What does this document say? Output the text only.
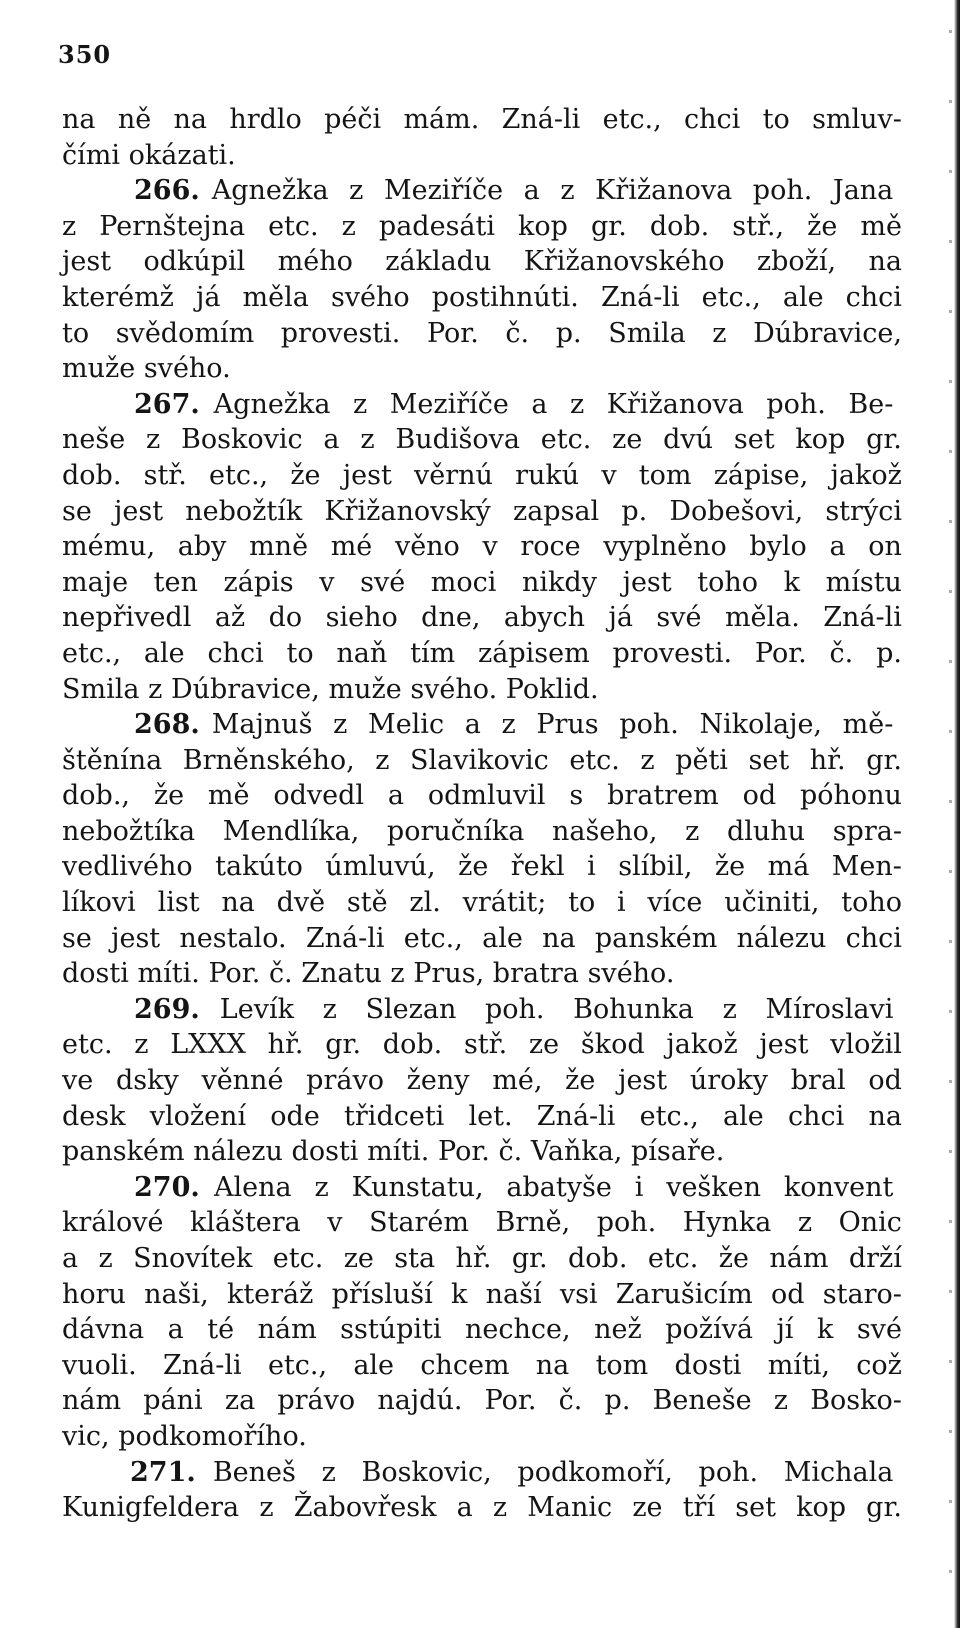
350
na ně na hrdlo péči mám. Zná-li etc., chci to smluv-
čími okázati.
266. Agnežka z Meziříče a z Křižanova poh. Jana
z Pernštejna etc. z padesáti kop gr. dob. stř., že mě
jest odkúpil mého základu Křižanovského zboží, na
kterémž já měla svého postihnúti. Zná-li etc., ale chci
to svědomím provesti. Por. č. p. Smila z Dúbravice,
muže svého.
267. Agnežka z Meziříče a z Křižanova poh. Be-
neše z Boskovic a z Budišova etc. ze dvú set kop gr.
dob. stř. etc., že jest věrnú rukú v tom zápise, jakož
se jest nebožtík Křižanovský zapsal p. Dobešovi, strýci
mému, aby mně mé věno v roce vyplněno bylo a on
maje ten zápis v své moci nikdy jest toho k místu
nepřivedl až do sieho dne, abych já své měla. Zná-li
etc., ale chci to naň tím zápisem provesti. Por. č. p.
Smila z Dúbravice, muže svého. Poklid.
268. Majnuš z Melic a z Prus poh. Nikolaje, mě-
štěnína Brněnského, z Slavikovic etc. z pěti set hř. gr.
dob., že mě odvedl a odmluvil s bratrem od póhonu
nebožtíka Mendlíka, poručníka našeho, z dluhu spra-
vedlivého takúto úmluvú, že řekl i slíbil, že má Men-
líkovi list na dvě stě zl. vrátit; to i více učiniti, toho
se jest nestalo. Zná-li etc., ale na panském nálezu chci
dosti míti. Por. č. Znatu z Prus, bratra svého.
269. Levík z Slezan poh. Bohunka z Míroslavi
etc. z LXXX hř. gr. dob. stř. ze škod jakož jest vložil
ve dsky věnné právo ženy mé, že jest úroky bral od
desk vložení ode třidceti let. Zná-li etc., ale chci na
panském nálezu dosti míti. Por. č. Vaňka, písaře.
270. Alena z Kunstatu, abatyše i vešken konvent
králové kláštera v Starém Brně, poh. Hynka z Onic
a z Snovítek etc. ze sta hř. gr. dob. etc. že nám drží
horu naši, kteráž přísluší k naší vsi Zarušicím od staro-
dávna a té nám sstúpiti nechce, než požívá jí k své
vuoli. Zná-li etc., ale chcem na tom dosti míti, což
nám páni za právo najdú. Por. č. p. Beneše z Bosko-
vic, podkomořího.
271. Beneš z Boskovic, podkomoří, poh. Michala
Kunigfeldera z Žabovřesk a z Manic ze tří set kop gr.
